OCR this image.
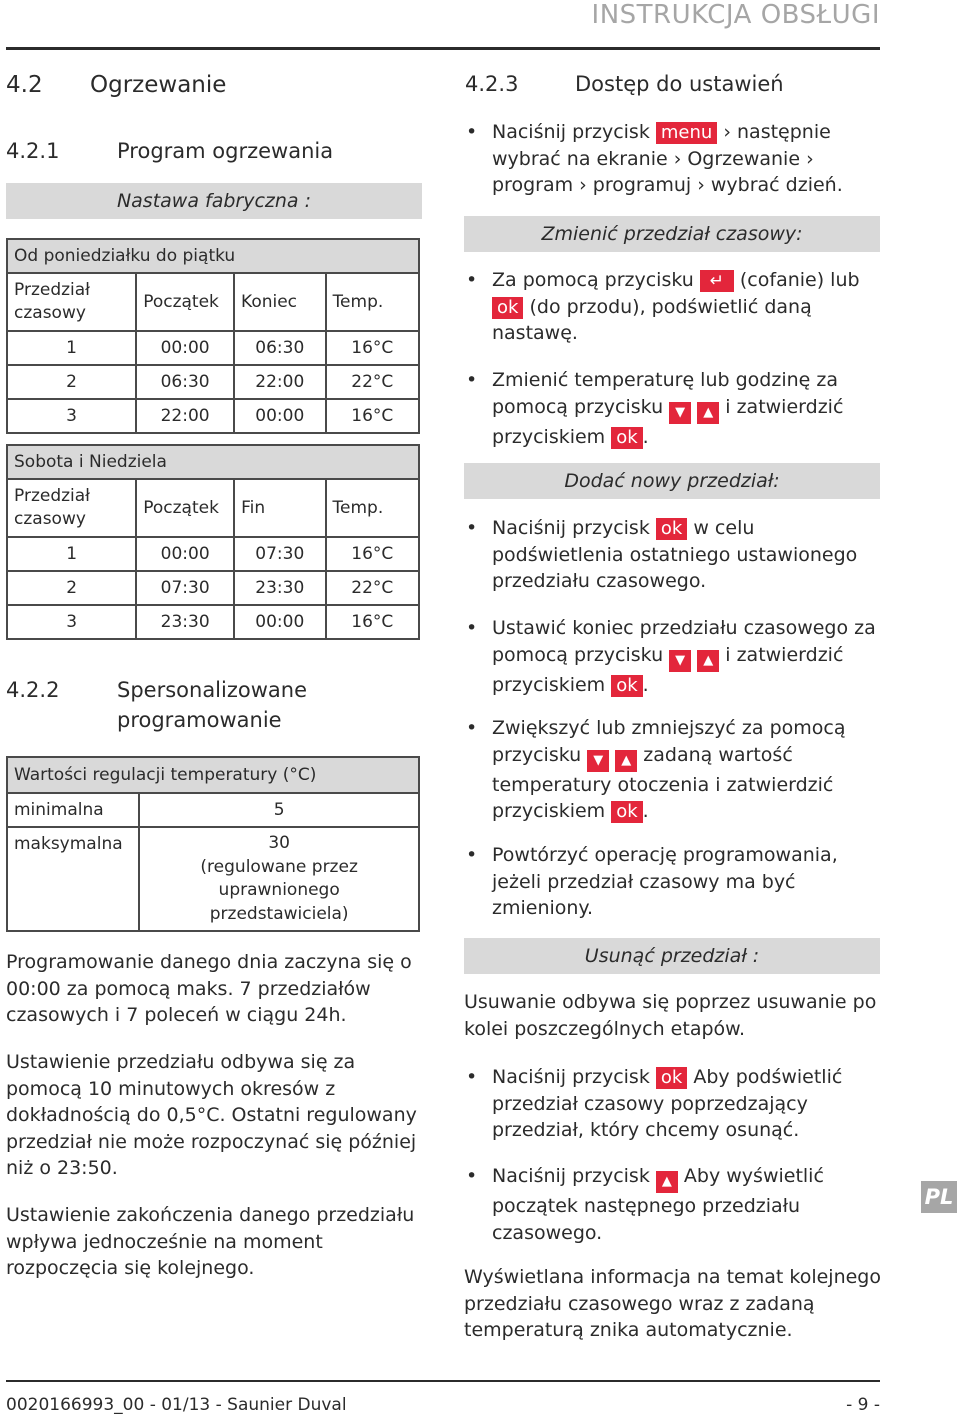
INSTRUKCJA OBSŁUGI
4.2 Ogrzewanie
4.2.1	Program ogrzewania
Nastawa fabryczna :
Od poniedziałku do piątku			
Przedział czasowy	Początek	Koniec	Temp.
1	00:00	06:30	16°C
2	06:30	22:00	22°C
3	22:00	00:00	16°C
Sobota i Niedziela			
Przedział czasowy	Początek	Fin	Temp.
1	00:00	07:30	16°C
2	07:30	23:30	22°C
3	23:30	00:00	16°C
4.2.2	Spersonalizowane
programowanie
Wartości regulacji temperatury (°C)	
minimalna	5
maksymalna	30
(regulowane przez uprawnionego przedstawiciela)
Programowanie danego dnia zaczyna się o 00:00 za pomocą maks. 7 przedziałów czasowych i 7 poleceń w ciągu 24h.
Ustawienie przedziału odbywa się za pomocą 10 minutowych okresów z dokładnością do 0,5°C. Ostatni regulowany przedział nie może rozpoczynać się później niż o 23:50.
Ustawienie zakończenia danego przedziału wpływa jednocześnie na moment rozpoczęcia się kolejnego.
4.2.3	Dostęp do ustawień
• Naciśnij przycisk menu › następnie wybrać na ekranie › Ogrzewanie › program › programuj › wybrać dzień.
Zmienić przedział czasowy:
• Za pomocą przycisku ↵ (cofanie) lub ok (do przodu), podświetlić daną nastawę.
• Zmienić temperaturę lub godzinę za pomocą przycisku ▼ ▲ i zatwierdzić przyciskiem ok .
Dodać nowy przedział:
• Naciśnij przycisk ok w celu podświetlenia ostatniego ustawionego przedziału czasowego.
• Ustawić koniec przedziału czasowego za pomocą przycisku ▼ ▲ i zatwierdzić przyciskiem ok .
• Zwiększyć lub zmniejszyć za pomocą przycisku ▼ ▲ zadaną wartość temperatury otoczenia i zatwierdzić przyciskiem ok .
• Powtórzyć operację programowania, jeżeli przedział czasowy ma być zmieniony.
Usunąć przedział :
Usuwanie odbywa się poprzez usuwanie po kolei poszczególnych etapów.
• Naciśnij przycisk ok Aby podświetlić przedział czasowy poprzedzający przedział, który chcemy osunąć.
• Naciśnij przycisk ▲ Aby wyświetlić początek następnego przedziału czasowego.
Wyświetlana informacja na temat kolejnego przedziału czasowego wraz z zadaną temperaturą znika automatycznie.
PL
0020166993_00 - 01/13 - Saunier Duval	- 9 -
